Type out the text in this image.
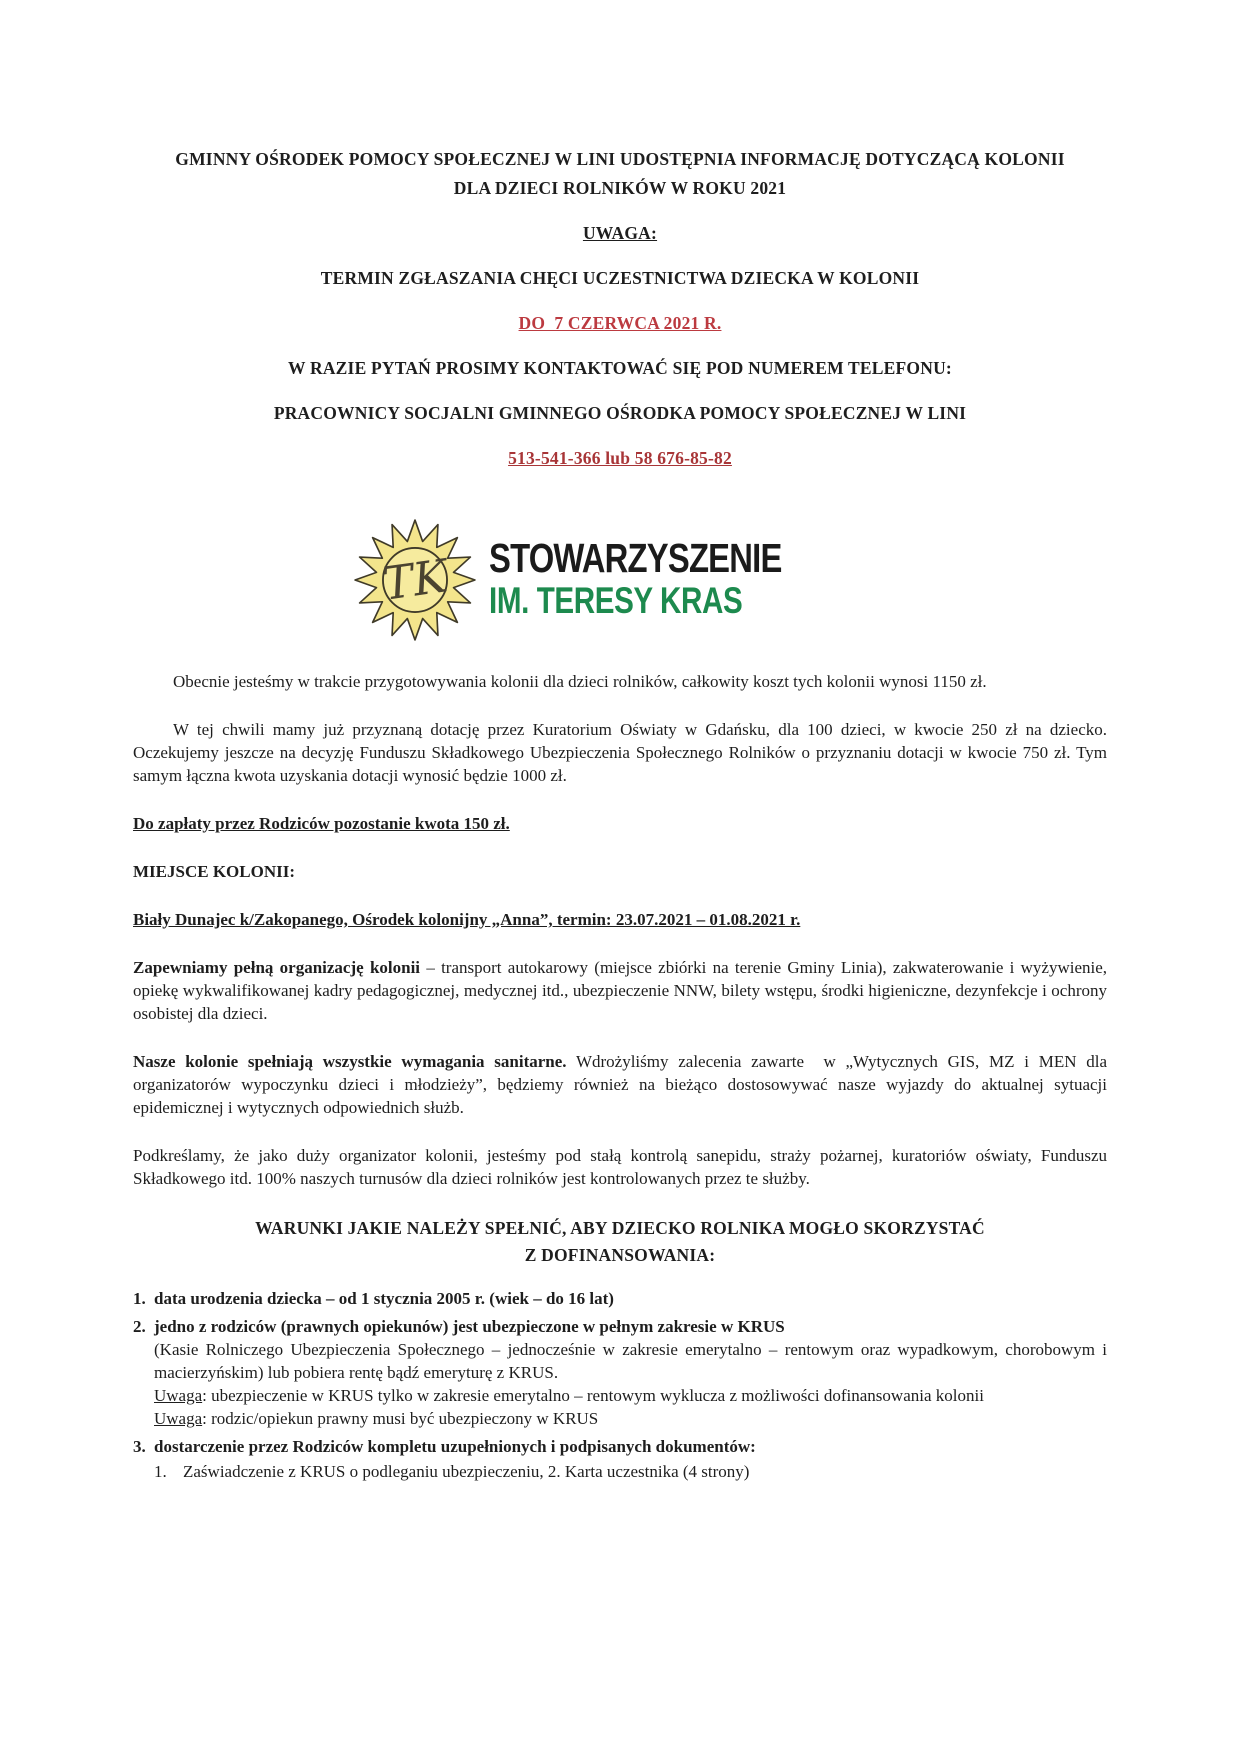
GMINNY OŚRODEK POMOCY SPOŁECZNEJ W LINI UDOSTĘPNIA INFORMACJĘ DOTYCZĄCĄ KOLONII
DLA DZIECI ROLNIKÓW W ROKU 2021

UWAGA:

TERMIN ZGŁASZANIA CHĘCI UCZESTNICTWA DZIECKA W KOLONII

DO  7 CZERWCA 2021 R.

W RAZIE PYTAŃ PROSIMY KONTAKTOWAĆ SIĘ POD NUMEREM TELEFONU:

PRACOWNICY SOCJALNI GMINNEGO OŚRODKA POMOCY SPOŁECZNEJ W LINI

513-541-366 lub 58 676-85-82

TK STOWARZYSZENIE
IM. TERESY KRAS

Obecnie jesteśmy w trakcie przygotowywania kolonii dla dzieci rolników, całkowity koszt tych kolonii wynosi 1150 zł.

W tej chwili mamy już przyznaną dotację przez Kuratorium Oświaty w Gdańsku, dla 100 dzieci, w kwocie 250 zł na dziecko. Oczekujemy jeszcze na decyzję Funduszu Składkowego Ubezpieczenia Społecznego Rolników o przyznaniu dotacji w kwocie 750 zł. Tym samym łączna kwota uzyskania dotacji wynosić będzie 1000 zł.

Do zapłaty przez Rodziców pozostanie kwota 150 zł.

MIEJSCE KOLONII:

Biały Dunajec k/Zakopanego, Ośrodek kolonijny „Anna”, termin: 23.07.2021 – 01.08.2021 r.

Zapewniamy pełną organizację kolonii – transport autokarowy (miejsce zbiórki na terenie Gminy Linia), zakwaterowanie i wyżywienie, opiekę wykwalifikowanej kadry pedagogicznej, medycznej itd., ubezpieczenie NNW, bilety wstępu, środki higieniczne, dezynfekcje i ochrony osobistej dla dzieci.

Nasze kolonie spełniają wszystkie wymagania sanitarne. Wdrożyliśmy zalecenia zawarte  w „Wytycznych GIS, MZ i MEN dla organizatorów wypoczynku dzieci i młodzieży”, będziemy również na bieżąco dostosowywać nasze wyjazdy do aktualnej sytuacji epidemicznej i wytycznych odpowiednich służb.

Podkreślamy, że jako duży organizator kolonii, jesteśmy pod stałą kontrolą sanepidu, straży pożarnej, kuratoriów oświaty, Funduszu Składkowego itd. 100% naszych turnusów dla dzieci rolników jest kontrolowanych przez te służby.

WARUNKI JAKIE NALEŻY SPEŁNIĆ, ABY DZIECKO ROLNIKA MOGŁO SKORZYSTAĆ
Z DOFINANSOWANIA:

1. data urodzenia dziecka – od 1 stycznia 2005 r. (wiek – do 16 lat)
2. jedno z rodziców (prawnych opiekunów) jest ubezpieczone w pełnym zakresie w KRUS
(Kasie Rolniczego Ubezpieczenia Społecznego – jednocześnie w zakresie emerytalno – rentowym oraz wypadkowym, chorobowym i macierzyńskim) lub pobiera rentę bądź emeryturę z KRUS.
Uwaga: ubezpieczenie w KRUS tylko w zakresie emerytalno – rentowym wyklucza z możliwości dofinansowania kolonii
Uwaga: rodzic/opiekun prawny musi być ubezpieczony w KRUS
3. dostarczenie przez Rodziców kompletu uzupełnionych i podpisanych dokumentów:
1. Zaświadczenie z KRUS o podleganiu ubezpieczeniu, 2. Karta uczestnika (4 strony)
